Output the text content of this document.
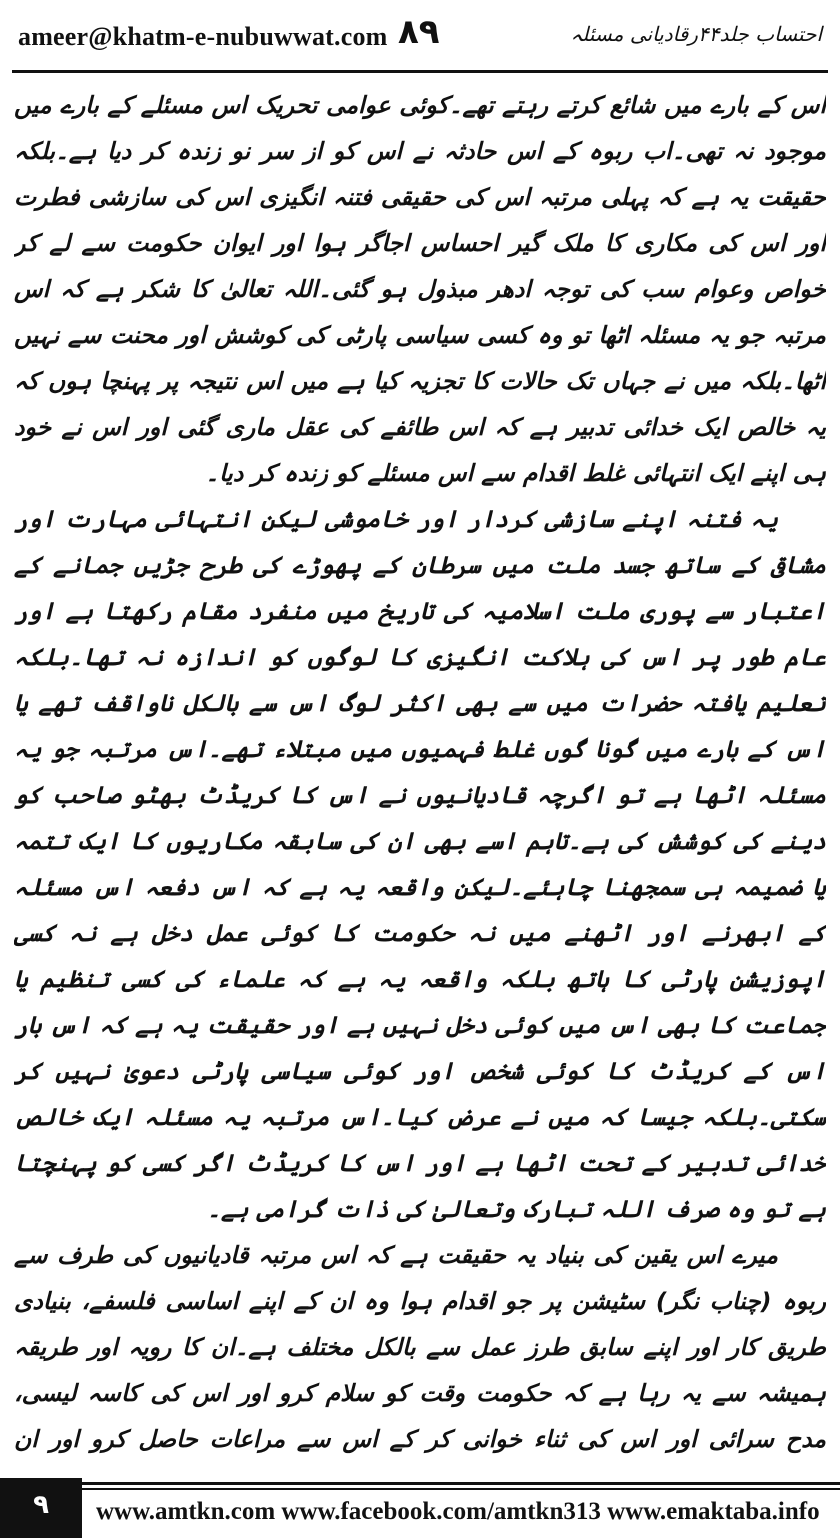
ameer@khatm-e-nubuwwat.com ۸۹	احتساب جلد۴۴رقادیانی مسئلہ

اس کے بارے میں شائع کرتے رہتے تھے۔کوئی عوامی تحریک اس مسئلے کے بارے میں موجود نہ تھی۔اب ربوہ کے اس حادثہ نے اس کو از سر نو زندہ کر دیا ہے۔بلکہ حقیقت یہ ہے کہ پہلی مرتبہ اس کی حقیقی فتنہ انگیزی اس کی سازشی فطرت اور اس کی مکاری کا ملک گیر احساس اجاگر ہوا اور ایوان حکومت سے لے کر خواص وعوام سب کی توجہ ادھر مبذول ہو گئی۔اللہ تعالیٰ کا شکر ہے کہ اس مرتبہ جو یہ مسئلہ اٹھا تو وہ کسی سیاسی پارٹی کی کوشش اور محنت سے نہیں اٹھا۔بلکہ میں نے جہاں تک حالات کا تجزیہ کیا ہے میں اس نتیجہ پر پہنچا ہوں کہ یہ خالص ایک خدائی تدبیر ہے کہ اس طائفے کی عقل ماری گئی اور اس نے خود ہی اپنے ایک انتہائی غلط اقدام سے اس مسئلے کو زندہ کر دیا۔

یہ فتنہ اپنے سازشی کردار اور خاموشی لیکن انتہائی مہارت اور مشاقی کے ساتھ جسد ملت میں سرطان کے پھوڑے کی طرح جڑیں جمانے کے اعتبار سے پوری ملت اسلامیہ کی تاریخ میں منفرد مقام رکھتا ہے اور عام طور پر اس کی ہلاکت انگیزی کا لوگوں کو اندازہ نہ تھا۔بلکہ تعلیم یافتہ حضرات میں سے بھی اکثر لوگ اس سے بالکل ناواقف تھے یا اس کے بارے میں گونا گوں غلط فہمیوں میں مبتلاء تھے۔اس مرتبہ جو یہ مسئلہ اٹھا ہے تو اگرچہ قادیانیوں نے اس کا کریڈٹ بھٹو صاحب کو دینے کی کوشش کی ہے۔تاہم اسے بھی ان کی سابقہ مکاریوں کا ایک تتمہ یا ضمیمہ ہی سمجھنا چاہئے۔لیکن واقعہ یہ ہے کہ اس دفعہ اس مسئلہ کے ابھرنے اور اٹھنے میں نہ حکومت کا کوئی عمل دخل ہے نہ کسی اپوزیشن پارٹی کا ہاتھ بلکہ واقعہ یہ ہے کہ علماء کی کسی تنظیم یا جماعت کا بھی اس میں کوئی دخل نہیں ہے اور حقیقت یہ ہے کہ اس بار اس کے کریڈٹ کا کوئی شخص اور کوئی سیاسی پارٹی دعویٰ نہیں کر سکتی۔بلکہ جیسا کہ میں نے عرض کیا۔اس مرتبہ یہ مسئلہ ایک خالص خدائی تدبیر کے تحت اٹھا ہے اور اس کا کریڈٹ اگر کسی کو پہنچتا ہے تو وہ صرف اللہ تبارک وتعالیٰ کی ذات گرامی ہے۔

میرے اس یقین کی بنیاد یہ حقیقت ہے کہ اس مرتبہ قادیانیوں کی طرف سے ربوہ (چناب نگر) سٹیشن پر جو اقدام ہوا وہ ان کے اپنے اساسی فلسفے، بنیادی طریق کار اور اپنے سابق طرز عمل سے بالکل مختلف ہے۔ان کا رویہ اور طریقہ ہمیشہ سے یہ رہا ہے کہ حکومت وقت کو سلام کرو اور اس کی کاسہ لیسی، مدح سرائی اور اس کی ثناء خوانی کر کے اس سے مراعات حاصل کرو اور ان

۹	www.amtkn.com www.facebook.com/amtkn313 www.emaktaba.info
